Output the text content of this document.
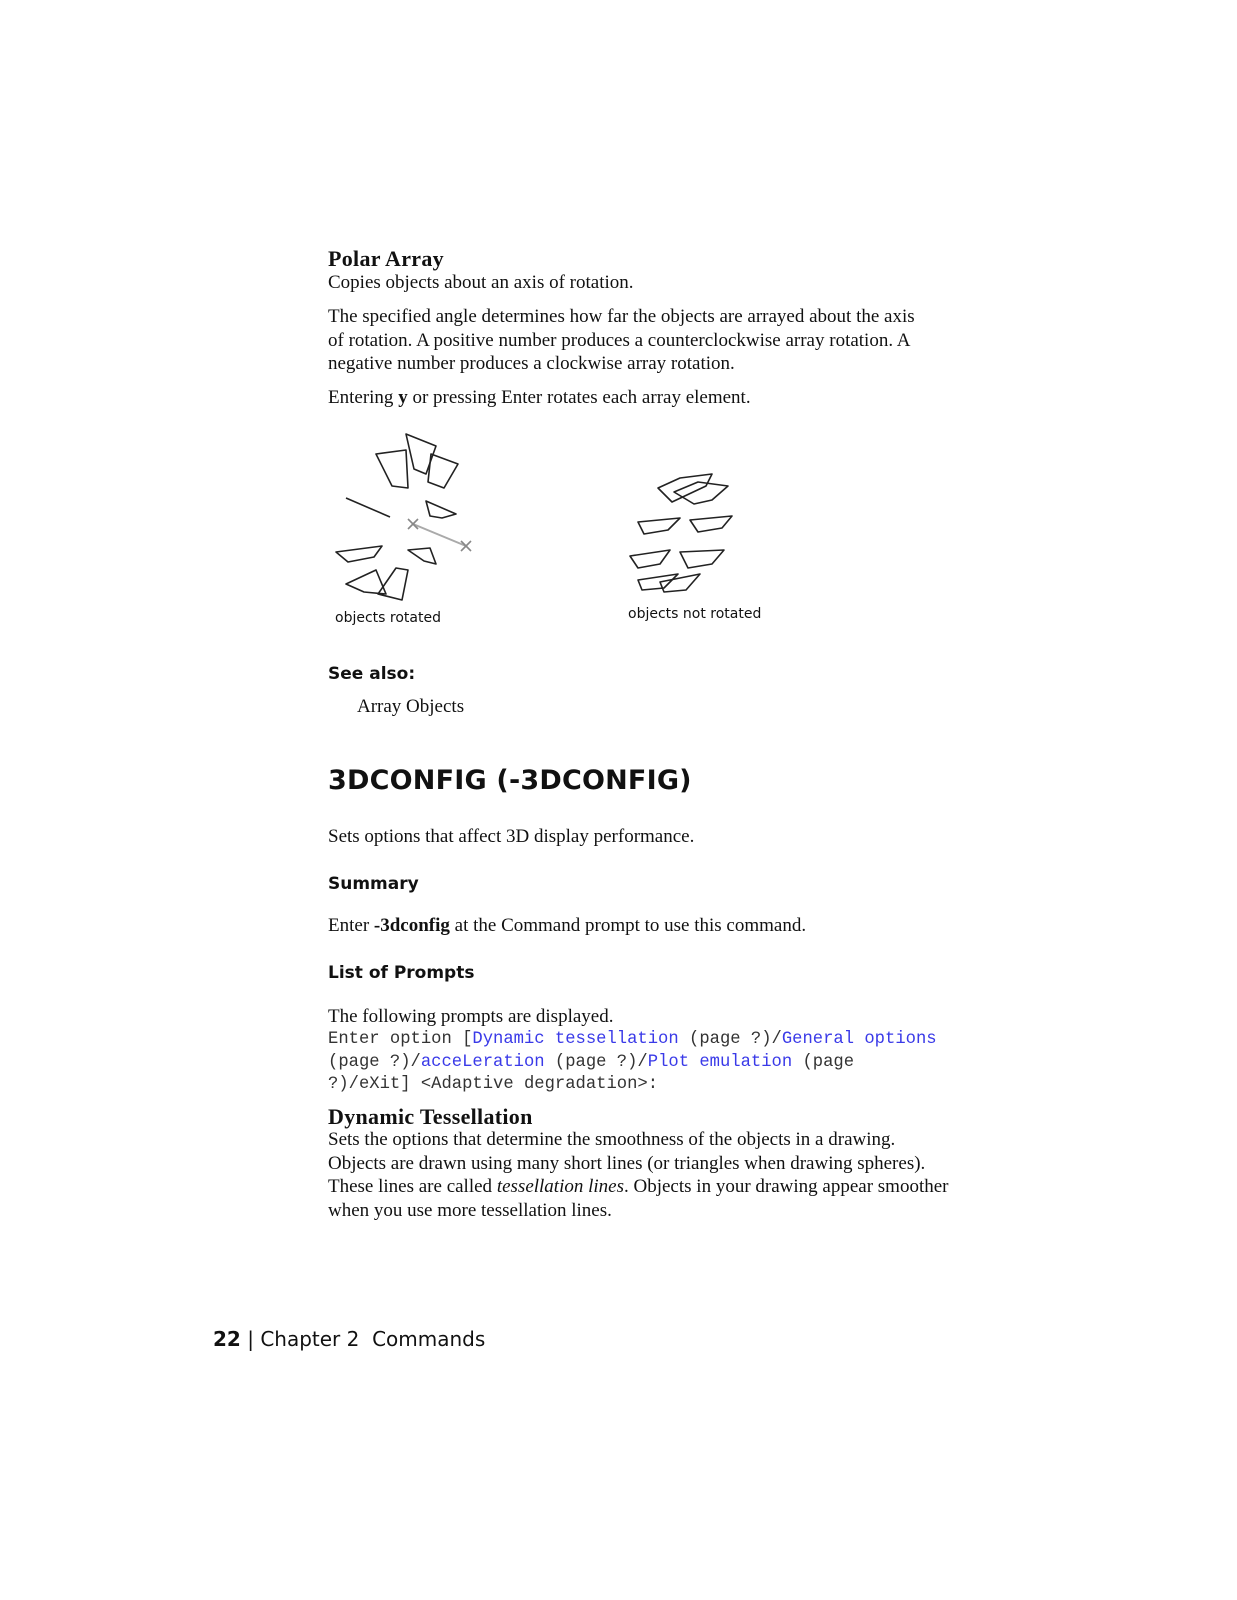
Polar Array
Copies objects about an axis of rotation.
The specified angle determines how far the objects are arrayed about the axis
of rotation. A positive number produces a counterclockwise array rotation. A
negative number produces a clockwise array rotation.
Entering y or pressing Enter rotates each array element.
objects rotated	objects not rotated
See also:
Array Objects
3DCONFIG (-3DCONFIG)
Sets options that affect 3D display performance.
Summary
Enter -3dconfig at the Command prompt to use this command.
List of Prompts
The following prompts are displayed.
Enter option [Dynamic tessellation (page ?)/General options
(page ?)/acceLeration (page ?)/Plot emulation (page
?)/eXit] <Adaptive degradation>:
Dynamic Tessellation
Sets the options that determine the smoothness of the objects in a drawing.
Objects are drawn using many short lines (or triangles when drawing spheres).
These lines are called tessellation lines. Objects in your drawing appear smoother
when you use more tessellation lines.
22 | Chapter 2 Commands
